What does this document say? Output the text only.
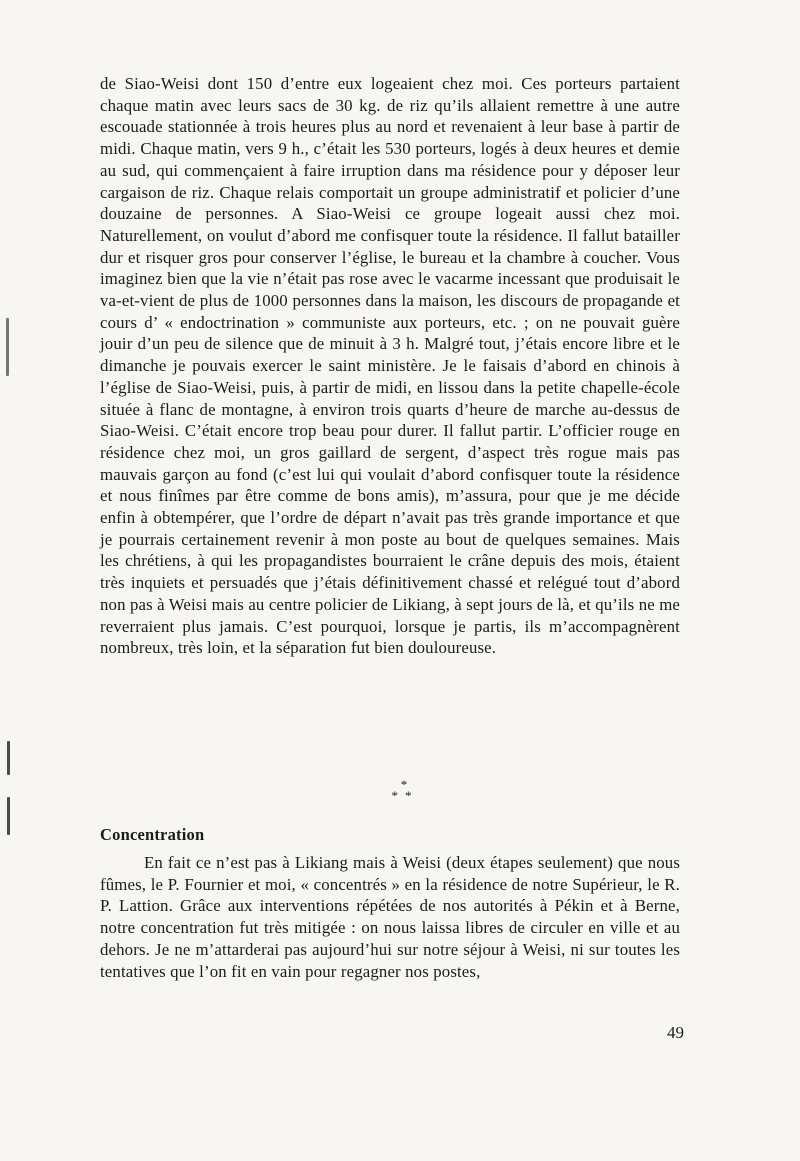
de Siao-Weisi dont 150 d’entre eux logeaient chez moi. Ces porteurs partaient chaque matin avec leurs sacs de 30 kg. de riz qu’ils allaient remettre à une autre escouade stationnée à trois heures plus au nord et revenaient à leur base à partir de midi. Chaque matin, vers 9 h., c’était les 530 porteurs, logés à deux heures et demie au sud, qui commençaient à faire irruption dans ma résidence pour y déposer leur cargaison de riz. Chaque relais comportait un groupe administratif et policier d’une douzaine de personnes. A Siao-Weisi ce groupe logeait aussi chez moi. Naturellement, on voulut d’abord me confisquer toute la résidence. Il fallut batailler dur et risquer gros pour conserver l’église, le bureau et la chambre à coucher. Vous imaginez bien que la vie n’était pas rose avec le vacarme incessant que produisait le va-et-vient de plus de 1000 personnes dans la maison, les discours de propagande et cours d’ « endoctrination » communiste aux porteurs, etc. ; on ne pouvait guère jouir d’un peu de silence que de minuit à 3 h. Malgré tout, j’étais encore libre et le dimanche je pouvais exercer le saint ministère. Je le faisais d’abord en chinois à l’église de Siao-Weisi, puis, à partir de midi, en lissou dans la petite chapelle-école située à flanc de montagne, à environ trois quarts d’heure de marche au-dessus de Siao-Weisi. C’était encore trop beau pour durer. Il fallut partir. L’officier rouge en résidence chez moi, un gros gaillard de sergent, d’aspect très rogue mais pas mauvais garçon au fond (c’est lui qui voulait d’abord confisquer toute la résidence et nous finîmes par être comme de bons amis), m’assura, pour que je me décide enfin à obtempérer, que l’ordre de départ n’avait pas très grande importance et que je pourrais certainement revenir à mon poste au bout de quelques semaines. Mais les chrétiens, à qui les propagandistes bourraient le crâne depuis des mois, étaient très inquiets et persuadés que j’étais définitivement chassé et relégué tout d’abord non pas à Weisi mais au centre policier de Likiang, à sept jours de là, et qu’ils ne me reverraient plus jamais. C’est pourquoi, lorsque je partis, ils m’accompagnèrent nombreux, très loin, et la séparation fut bien douloureuse.

*
**
Concentration

En fait ce n’est pas à Likiang mais à Weisi (deux étapes seulement) que nous fûmes, le P. Fournier et moi, « concentrés » en la résidence de notre Supérieur, le R. P. Lattion. Grâce aux interventions répétées de nos autorités à Pékin et à Berne, notre concentration fut très mitigée : on nous laissa libres de circuler en ville et au dehors. Je ne m’attarderai pas aujourd’hui sur notre séjour à Weisi, ni sur toutes les tentatives que l’on fit en vain pour regagner nos postes,

49
